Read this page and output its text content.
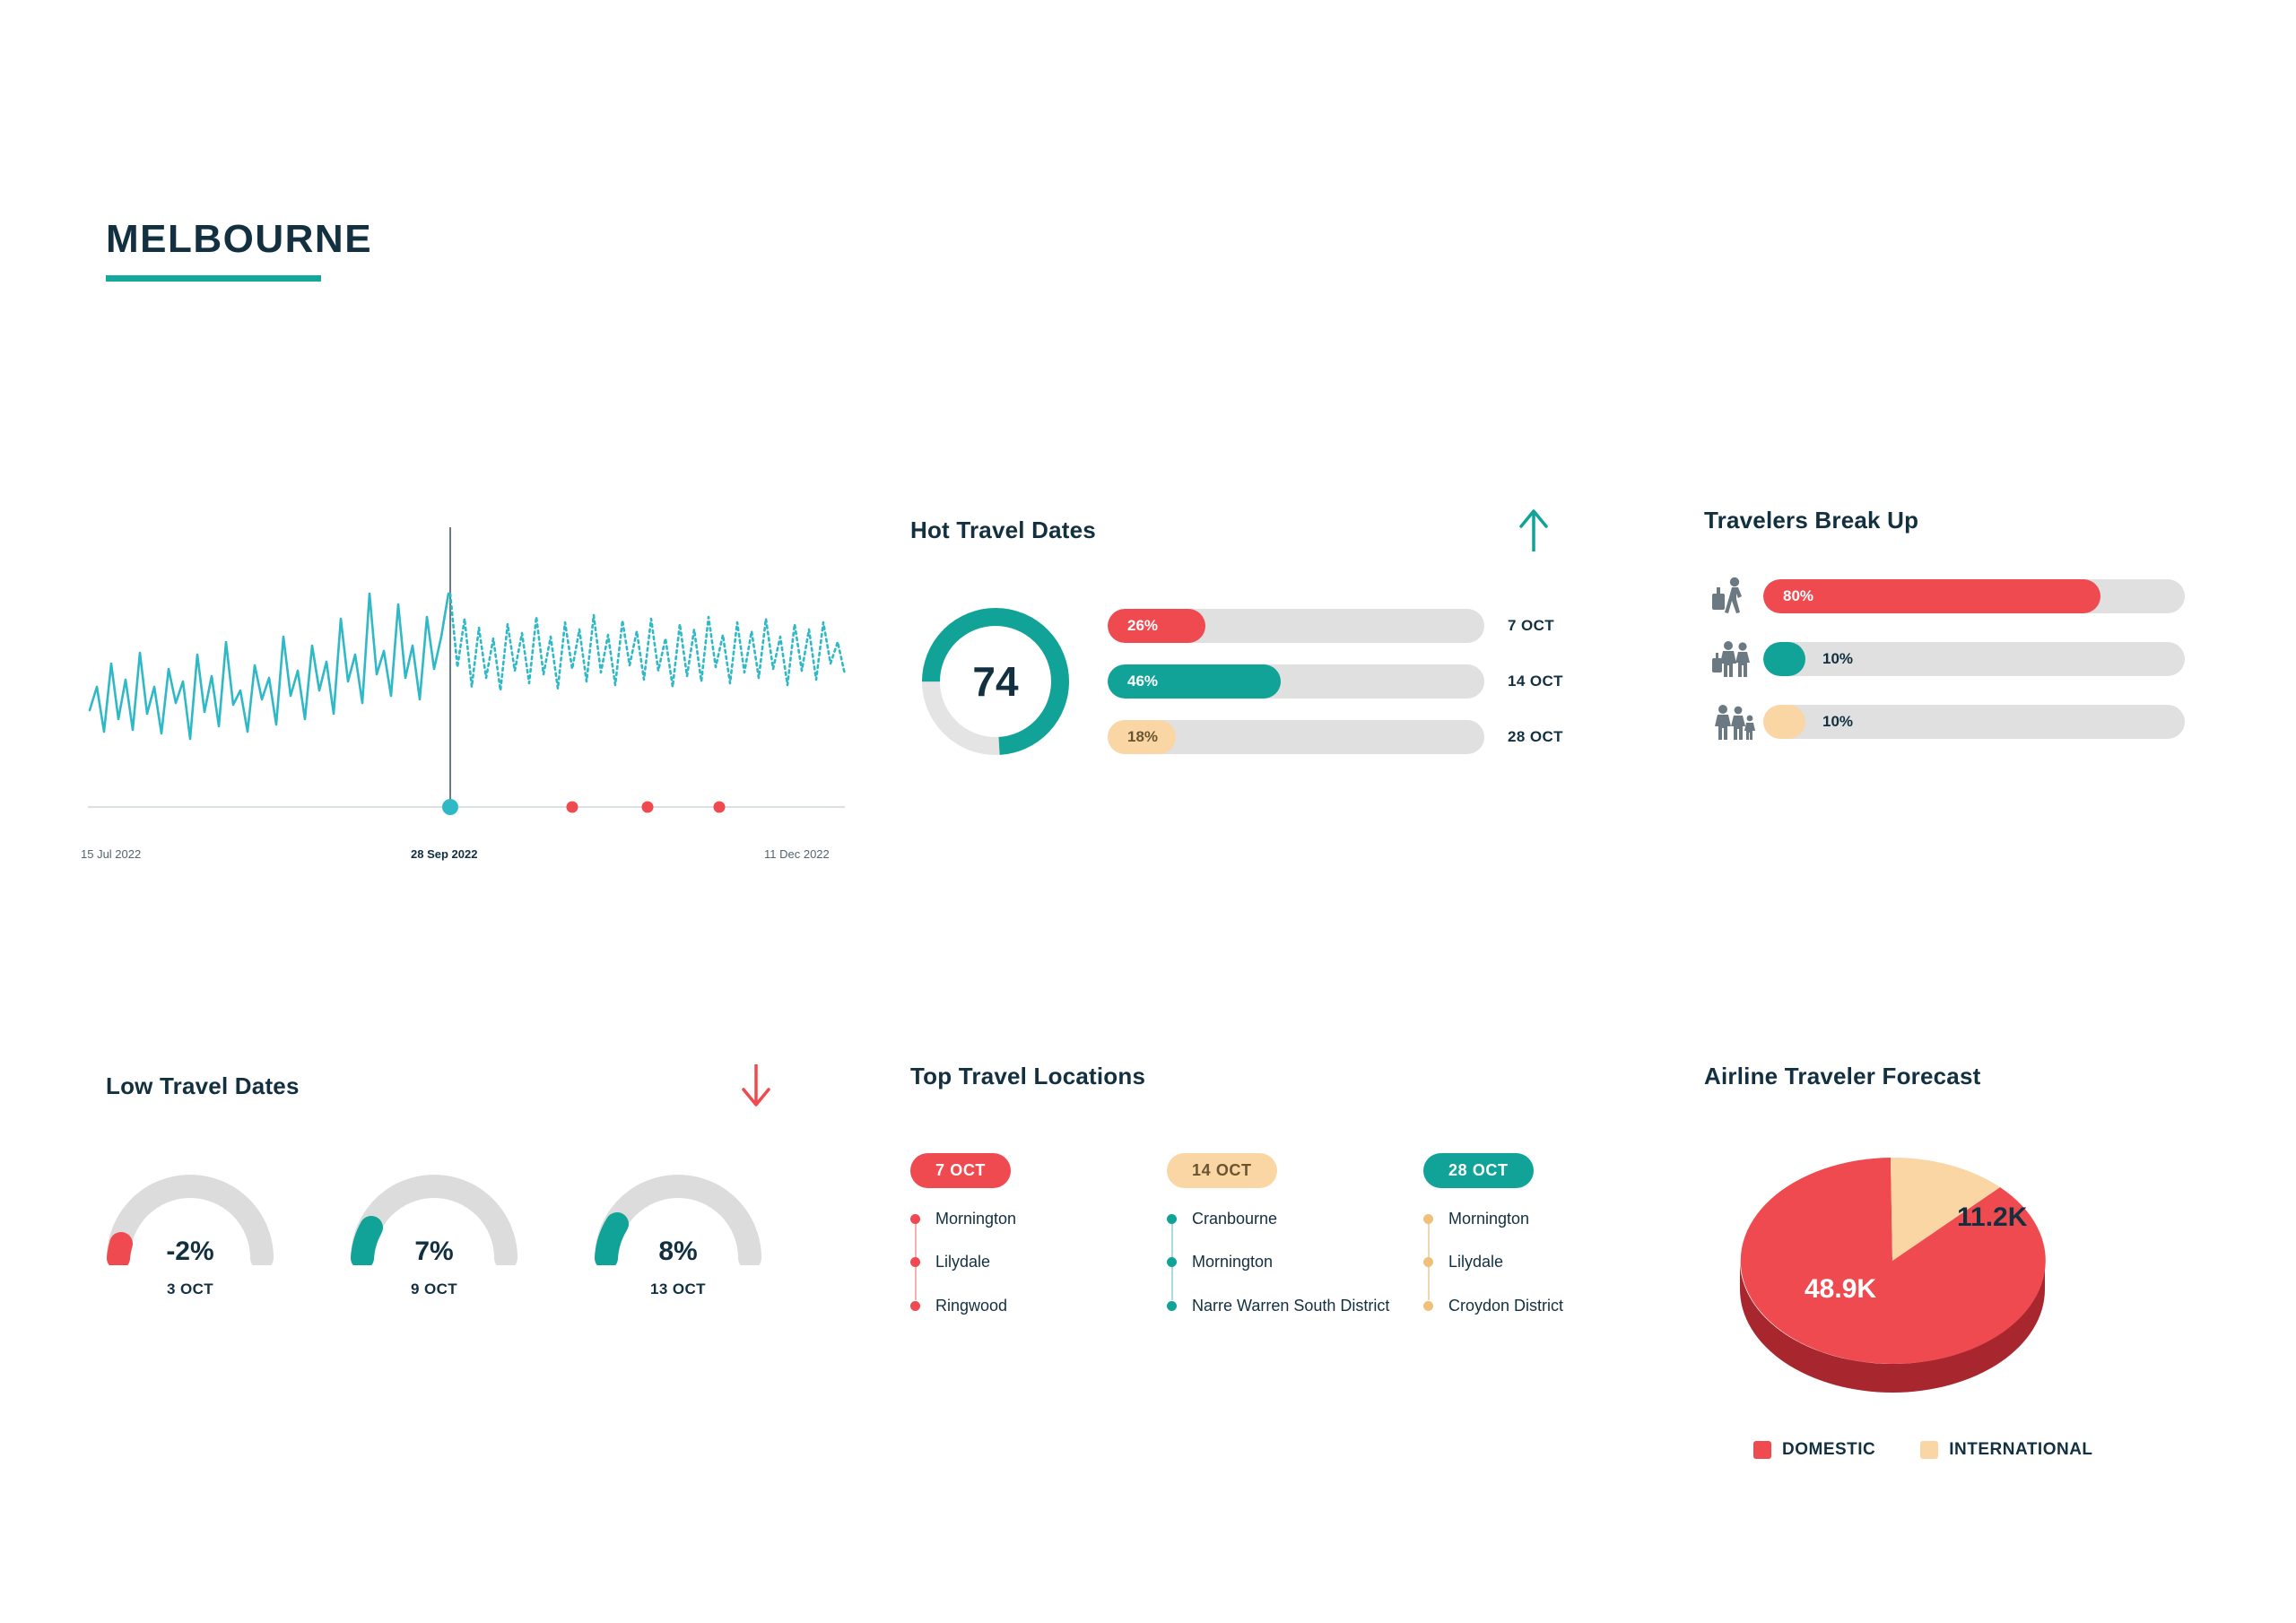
MELBOURNE
15 Jul 2022	28 Sep 2022	11 Dec 2022
Hot Travel Dates
74
26%	7 OCT
46%	14 OCT
18%	28 OCT
Travelers Break Up
80%
10%
10%
Low Travel Dates
-2%
3 OCT
7%
9 OCT
8%
13 OCT
Top Travel Locations
7 OCT
Mornington
Lilydale
Ringwood
14 OCT
Cranbourne
Mornington
Narre Warren South District
28 OCT
Mornington
Lilydale
Croydon District
Airline Traveler Forecast
48.9K
11.2K
DOMESTIC	INTERNATIONAL
